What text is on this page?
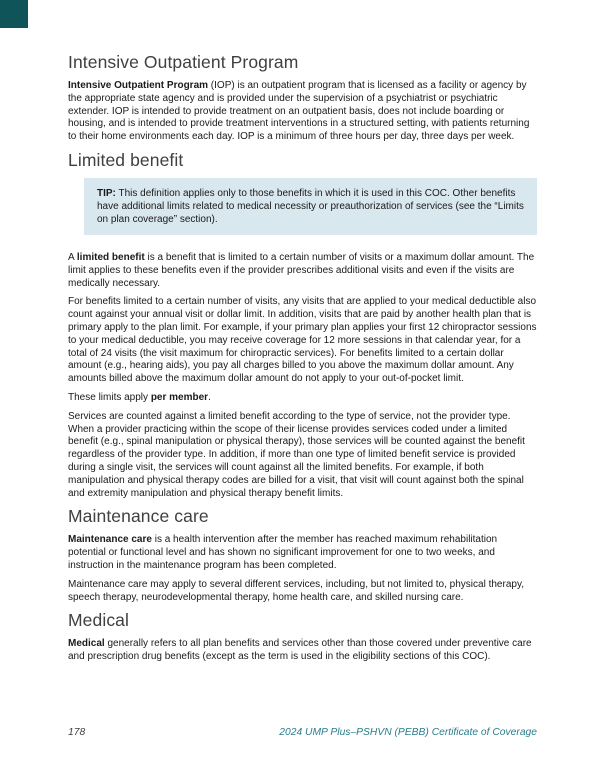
Intensive Outpatient Program

Intensive Outpatient Program (IOP) is an outpatient program that is licensed as a facility or agency by the appropriate state agency and is provided under the supervision of a psychiatrist or psychiatric extender. IOP is intended to provide treatment on an outpatient basis, does not include boarding or housing, and is intended to provide treatment interventions in a structured setting, with patients returning to their home environments each day. IOP is a minimum of three hours per day, three days per week.

Limited benefit
TIP: This definition applies only to those benefits in which it is used in this COC. Other benefits have additional limits related to medical necessity or preauthorization of services (see the “Limits on plan coverage” section).

A limited benefit is a benefit that is limited to a certain number of visits or a maximum dollar amount. The limit applies to these benefits even if the provider prescribes additional visits and even if the visits are medically necessary.

For benefits limited to a certain number of visits, any visits that are applied to your medical deductible also count against your annual visit or dollar limit. In addition, visits that are paid by another health plan that is primary apply to the plan limit. For example, if your primary plan applies your first 12 chiropractor sessions to your medical deductible, you may receive coverage for 12 more sessions in that calendar year, for a total of 24 visits (the visit maximum for chiropractic services). For benefits limited to a certain dollar amount (e.g., hearing aids), you pay all charges billed to you above the maximum dollar amount. Any amounts billed above the maximum dollar amount do not apply to your out-of-pocket limit.

These limits apply per member.

Services are counted against a limited benefit according to the type of service, not the provider type. When a provider practicing within the scope of their license provides services coded under a limited benefit (e.g., spinal manipulation or physical therapy), those services will be counted against the benefit regardless of the provider type. In addition, if more than one type of limited benefit service is provided during a single visit, the services will count against all the limited benefits. For example, if both manipulation and physical therapy codes are billed for a visit, that visit will count against both the spinal and extremity manipulation and physical therapy benefit limits.

Maintenance care

Maintenance care is a health intervention after the member has reached maximum rehabilitation potential or functional level and has shown no significant improvement for one to two weeks, and instruction in the maintenance program has been completed.

Maintenance care may apply to several different services, including, but not limited to, physical therapy, speech therapy, neurodevelopmental therapy, home health care, and skilled nursing care.

Medical

Medical generally refers to all plan benefits and services other than those covered under preventive care and prescription drug benefits (except as the term is used in the eligibility sections of this COC).

178	2024 UMP Plus–PSHVN (PEBB) Certificate of Coverage
